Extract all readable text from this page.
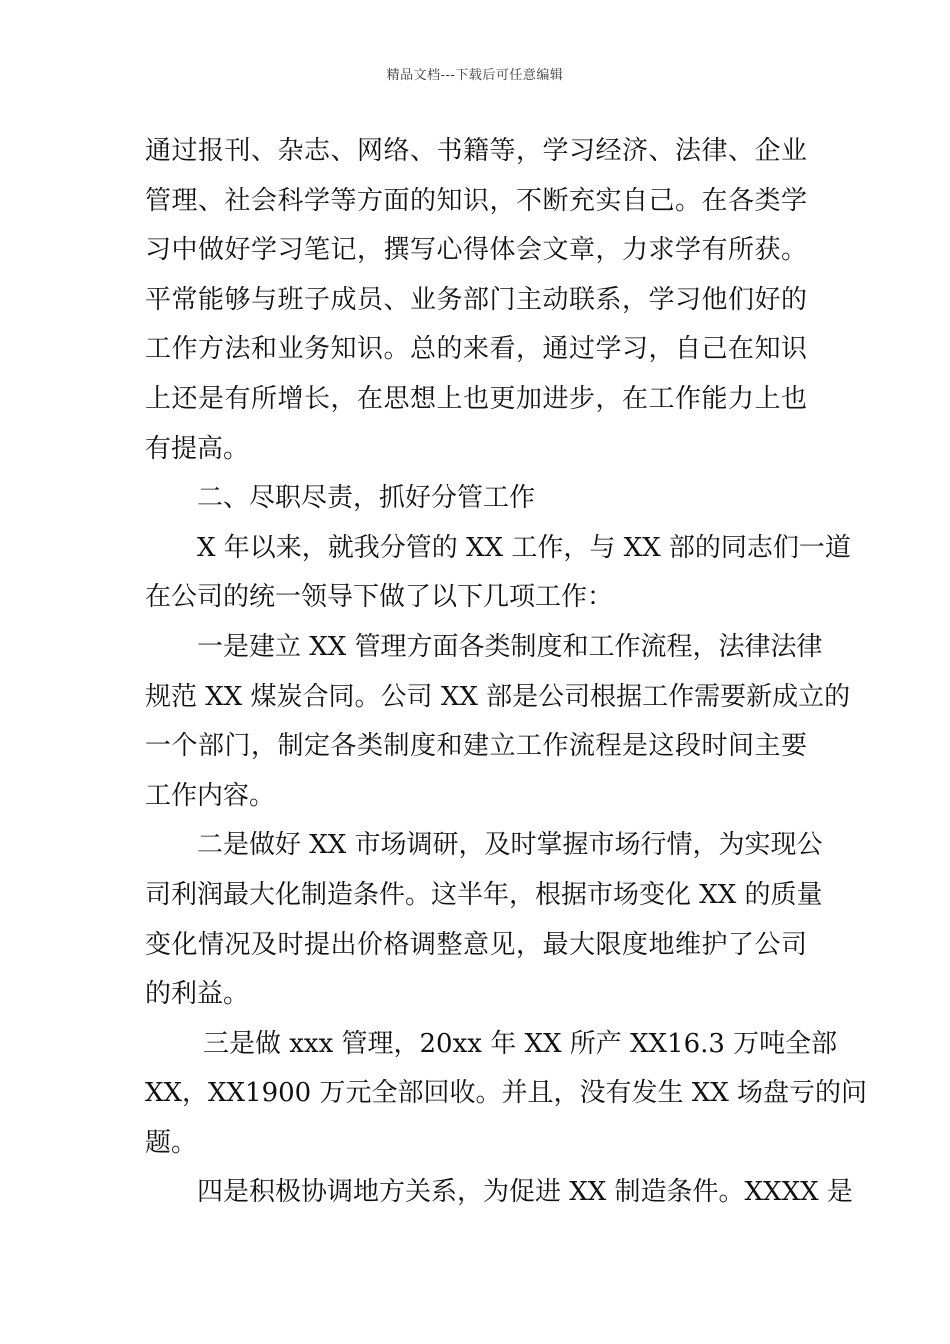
精品文档---下载后可任意编辑
通过报刊、杂志、网络、书籍等，学习经济、法律、企业
管理、社会科学等方面的知识，不断充实自己。在各类学
习中做好学习笔记，撰写心得体会文章，力求学有所获。
平常能够与班子成员、业务部门主动联系，学习他们好的
工作方法和业务知识。总的来看，通过学习，自己在知识
上还是有所增长，在思想上也更加进步，在工作能力上也
有提高。
二、尽职尽责，抓好分管工作
X 年以来，就我分管的 XX 工作，与 XX 部的同志们一道
在公司的统一领导下做了以下几项工作：
一是建立 XX 管理方面各类制度和工作流程，法律法律
规范 XX 煤炭合同。公司 XX 部是公司根据工作需要新成立的
一个部门，制定各类制度和建立工作流程是这段时间主要
工作内容。
二是做好 XX 市场调研，及时掌握市场行情，为实现公
司利润最大化制造条件。这半年，根据市场变化 XX 的质量
变化情况及时提出价格调整意见，最大限度地维护了公司
的利益。
三是做 xxx 管理，20xx 年 XX 所产 XX16.3 万吨全部
XX，XX1900 万元全部回收。并且，没有发生 XX 场盘亏的问
题。
四是积极协调地方关系，为促进 XX 制造条件。XXXX 是
